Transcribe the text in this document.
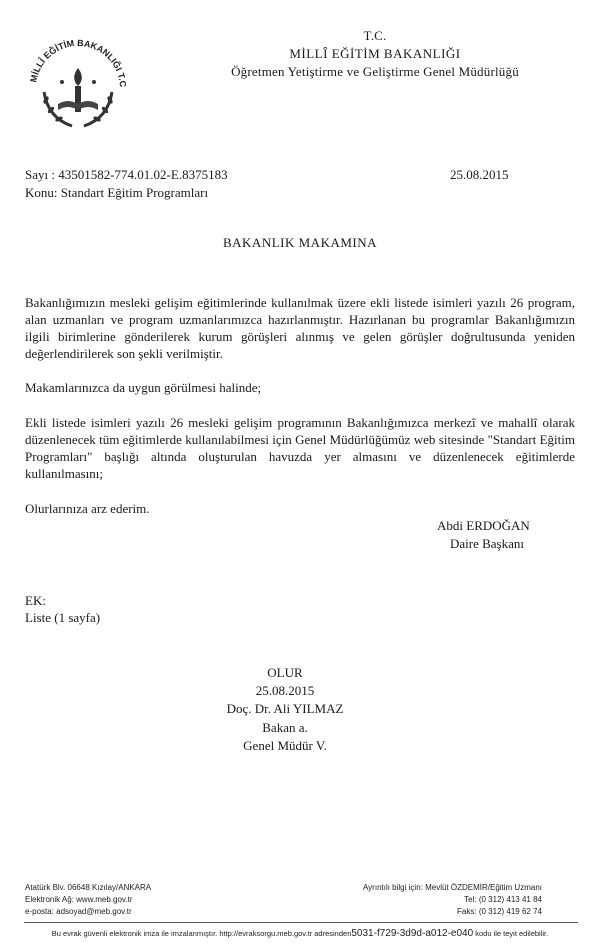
MİLLÎ EĞİTİM BAKANLIĞI T.C
T.C.
MİLLÎ EĞİTİM BAKANLIĞI
Öğretmen Yetiştirme ve Geliştirme Genel Müdürlüğü
Sayı : 43501582-774.01.02-E.8375183	25.08.2015
Konu: Standart Eğitim Programları
BAKANLIK MAKAMINA
Bakanlığımızın mesleki gelişim eğitimlerinde kullanılmak üzere ekli listede isimleri yazılı 26 program, alan uzmanları ve program uzmanlarımızca hazırlanmıştır. Hazırlanan bu programlar Bakanlığımızın ilgili birimlerine gönderilerek kurum görüşleri alınmış ve gelen görüşler doğrultusunda yeniden değerlendirilerek son şekli verilmiştir.
Makamlarınızca da uygun görülmesi halinde;
Ekli listede isimleri yazılı 26 mesleki gelişim programının Bakanlığımızca merkezî ve mahallî olarak düzenlenecek tüm eğitimlerde kullanılabilmesi için Genel Müdürlüğümüz web sitesinde "Standart Eğitim Programları" başlığı altında oluşturulan havuzda yer almasını ve düzenlenecek eğitimlerde kullanılmasını;
Olurlarınıza arz ederim.
Abdi ERDOĞAN
Daire Başkanı
EK:
Liste (1 sayfa)
OLUR
25.08.2015
Doç. Dr. Ali YILMAZ
Bakan a.
Genel Müdür V.
Atatürk Blv. 06648 Kızılay/ANKARA
Elektronik Ağ: www.meb.gov.tr
e-posta: adsoyad@meb.gov.tr
Ayrıntılı bilgi için: Mevlüt ÖZDEMİR/Eğitim Uzmanı
Tel: (0 312) 413 41 84
Faks: (0 312) 419 62 74
Bu evrak güvenli elektronik imza ile imzalanmıştır. http://evraksorgu.meb.gov.tr adresinden5031-f729-3d9d-a012-e040 kodu ile teyit edilebilir.
